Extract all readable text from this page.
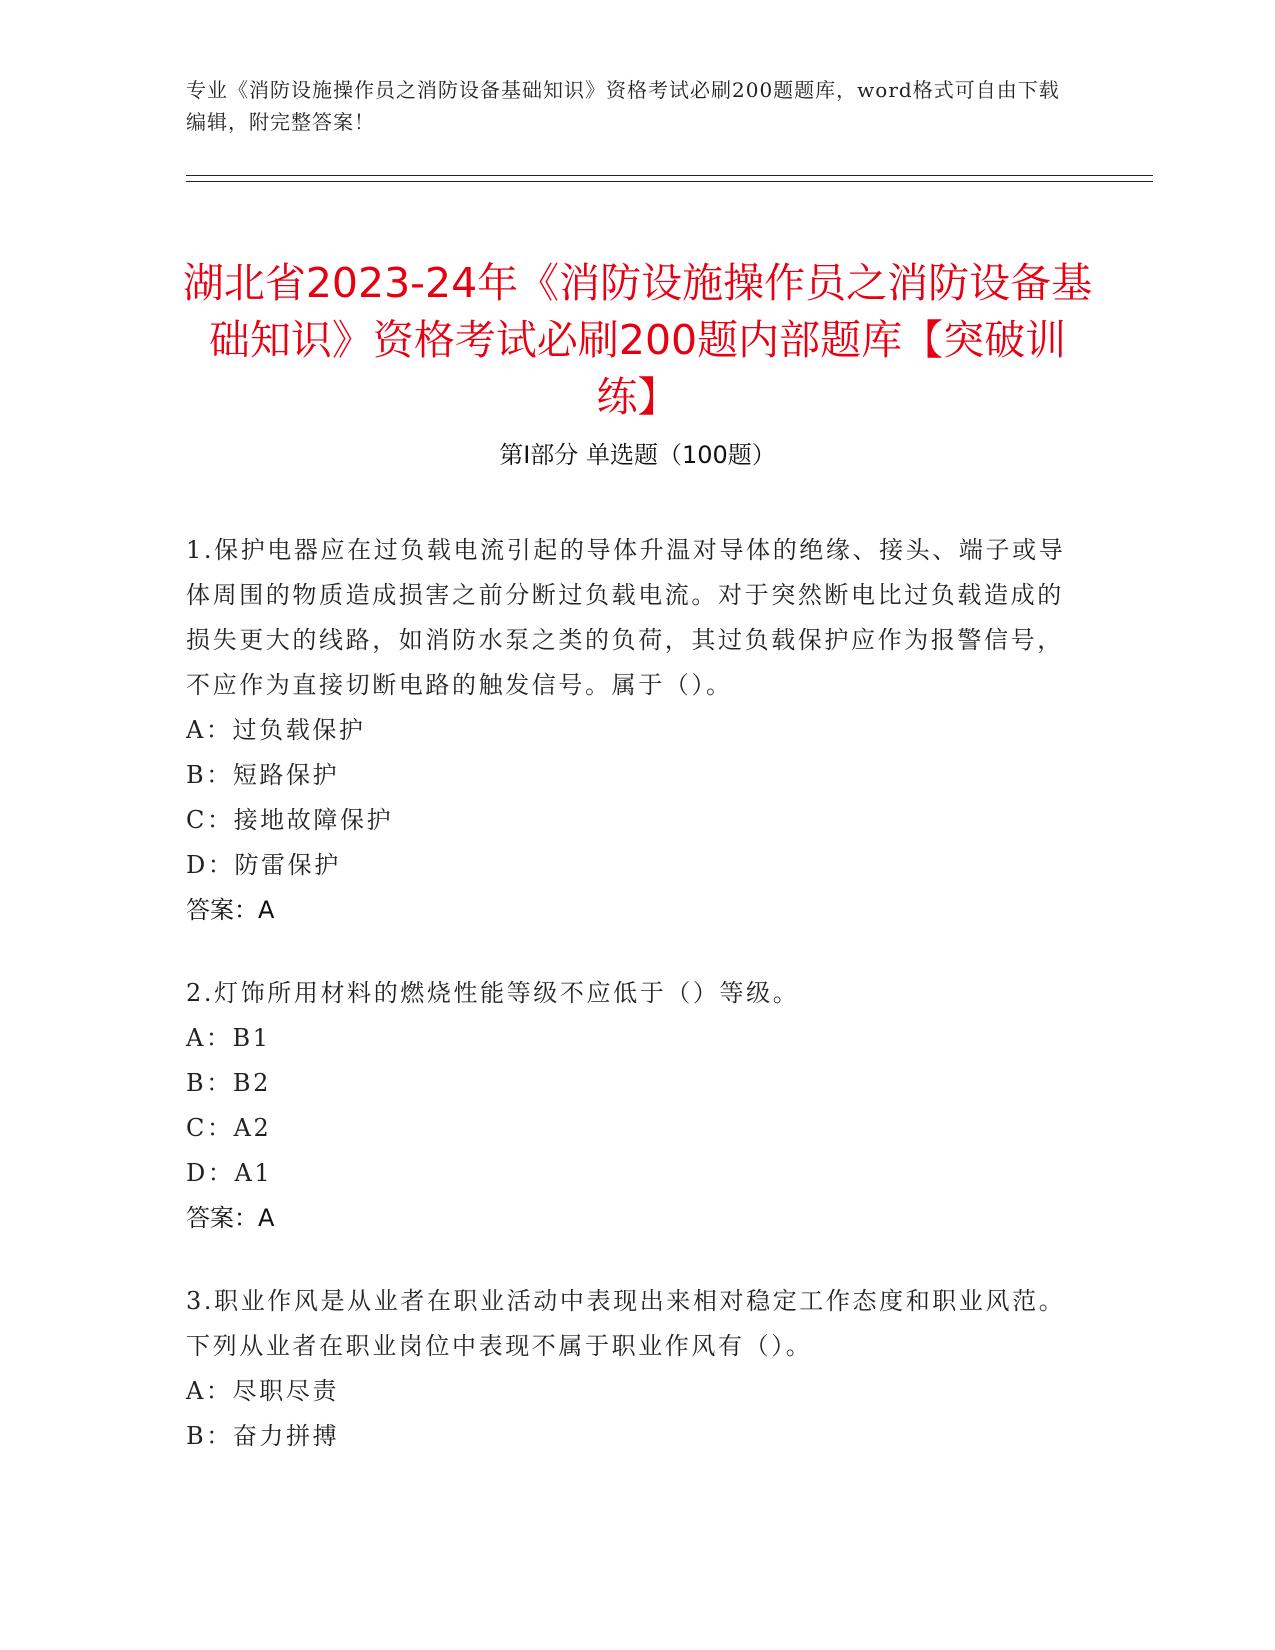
专业《消防设施操作员之消防设备基础知识》资格考试必刷200题题库，word格式可自由下载编辑，附完整答案！
湖北省2023-24年《消防设施操作员之消防设备基础知识》资格考试必刷200题内部题库【突破训练】
第Ⅰ部分 单选题（100题）
1.保护电器应在过负载电流引起的导体升温对导体的绝缘、接头、端子或导体周围的物质造成损害之前分断过负载电流。对于突然断电比过负载造成的损失更大的线路，如消防水泵之类的负荷，其过负载保护应作为报警信号，不应作为直接切断电路的触发信号。属于（）。
A：过负载保护
B：短路保护
C：接地故障保护
D：防雷保护
答案：A
2.灯饰所用材料的燃烧性能等级不应低于（）等级。
A：B1
B：B2
C：A2
D：A1
答案：A
3.职业作风是从业者在职业活动中表现出来相对稳定工作态度和职业风范。下列从业者在职业岗位中表现不属于职业作风有（）。
A：尽职尽责
B：奋力拼搏
